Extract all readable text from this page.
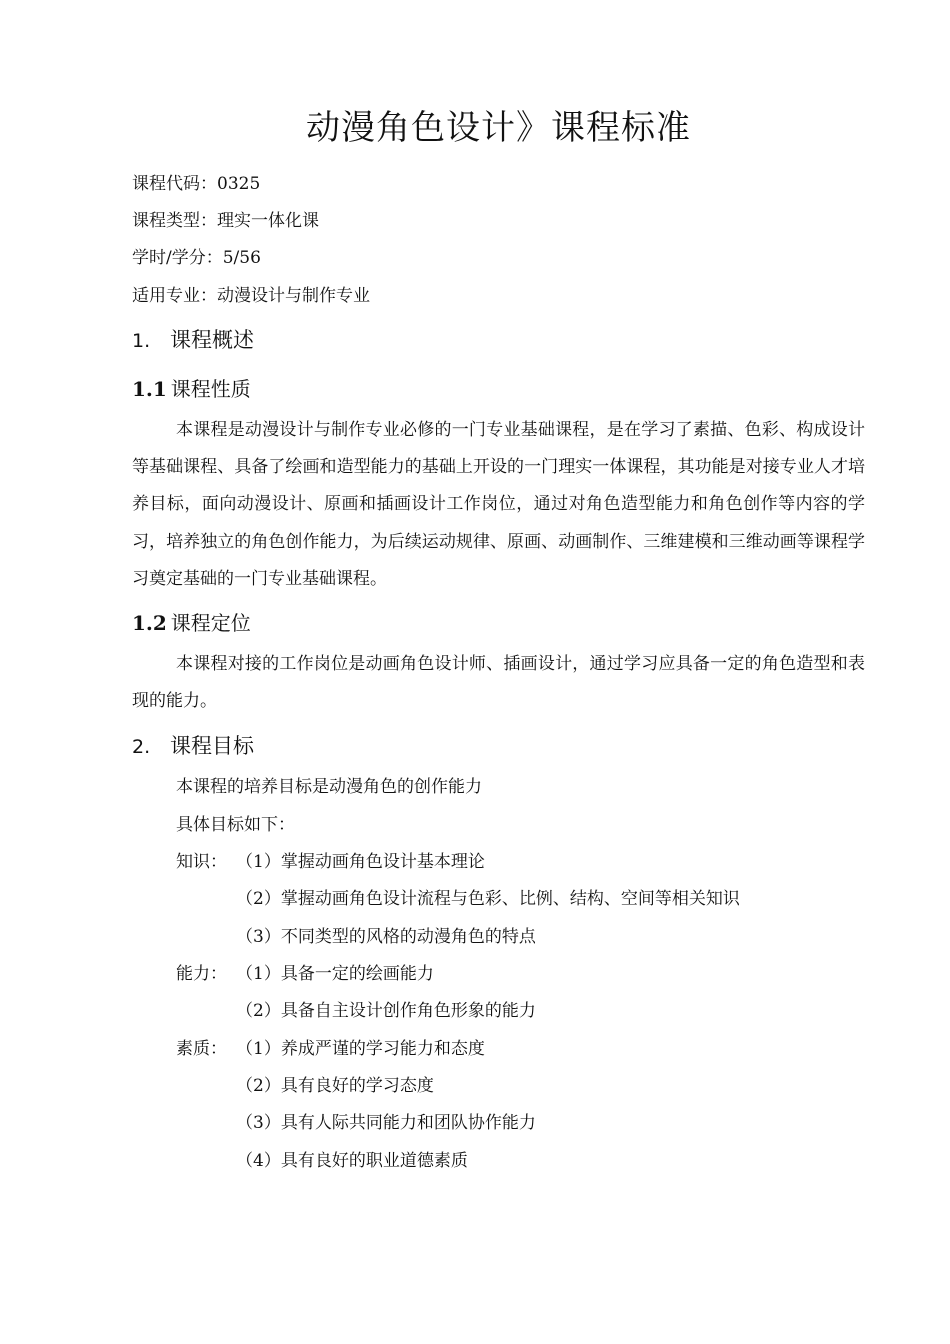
动漫角色设计》课程标准
课程代码：0325
课程类型：理实一体化课
学时/学分：5/56
适用专业：动漫设计与制作专业
1. 课程概述
1.1 课程性质

本课程是动漫设计与制作专业必修的一门专业基础课程，是在学习了素描、色彩、构成设计等基础课程、具备了绘画和造型能力的基础上开设的一门理实一体课程，其功能是对接专业人才培养目标，面向动漫设计、原画和插画设计工作岗位，通过对角色造型能力和角色创作等内容的学习，培养独立的角色创作能力，为后续运动规律、原画、动画制作、三维建模和三维动画等课程学习奠定基础的一门专业基础课程。

1.2 课程定位

本课程对接的工作岗位是动画角色设计师、插画设计，通过学习应具备一定的角色造型和表现的能力。

2. 课程目标
本课程的培养目标是动漫角色的创作能力
具体目标如下：
知识： （1）掌握动画角色设计基本理论
（2）掌握动画角色设计流程与色彩、比例、结构、空间等相关知识
（3）不同类型的风格的动漫角色的特点
能力： （1）具备一定的绘画能力
（2）具备自主设计创作角色形象的能力
素质： （1）养成严谨的学习能力和态度
（2）具有良好的学习态度
（3）具有人际共同能力和团队协作能力
（4）具有良好的职业道德素质
